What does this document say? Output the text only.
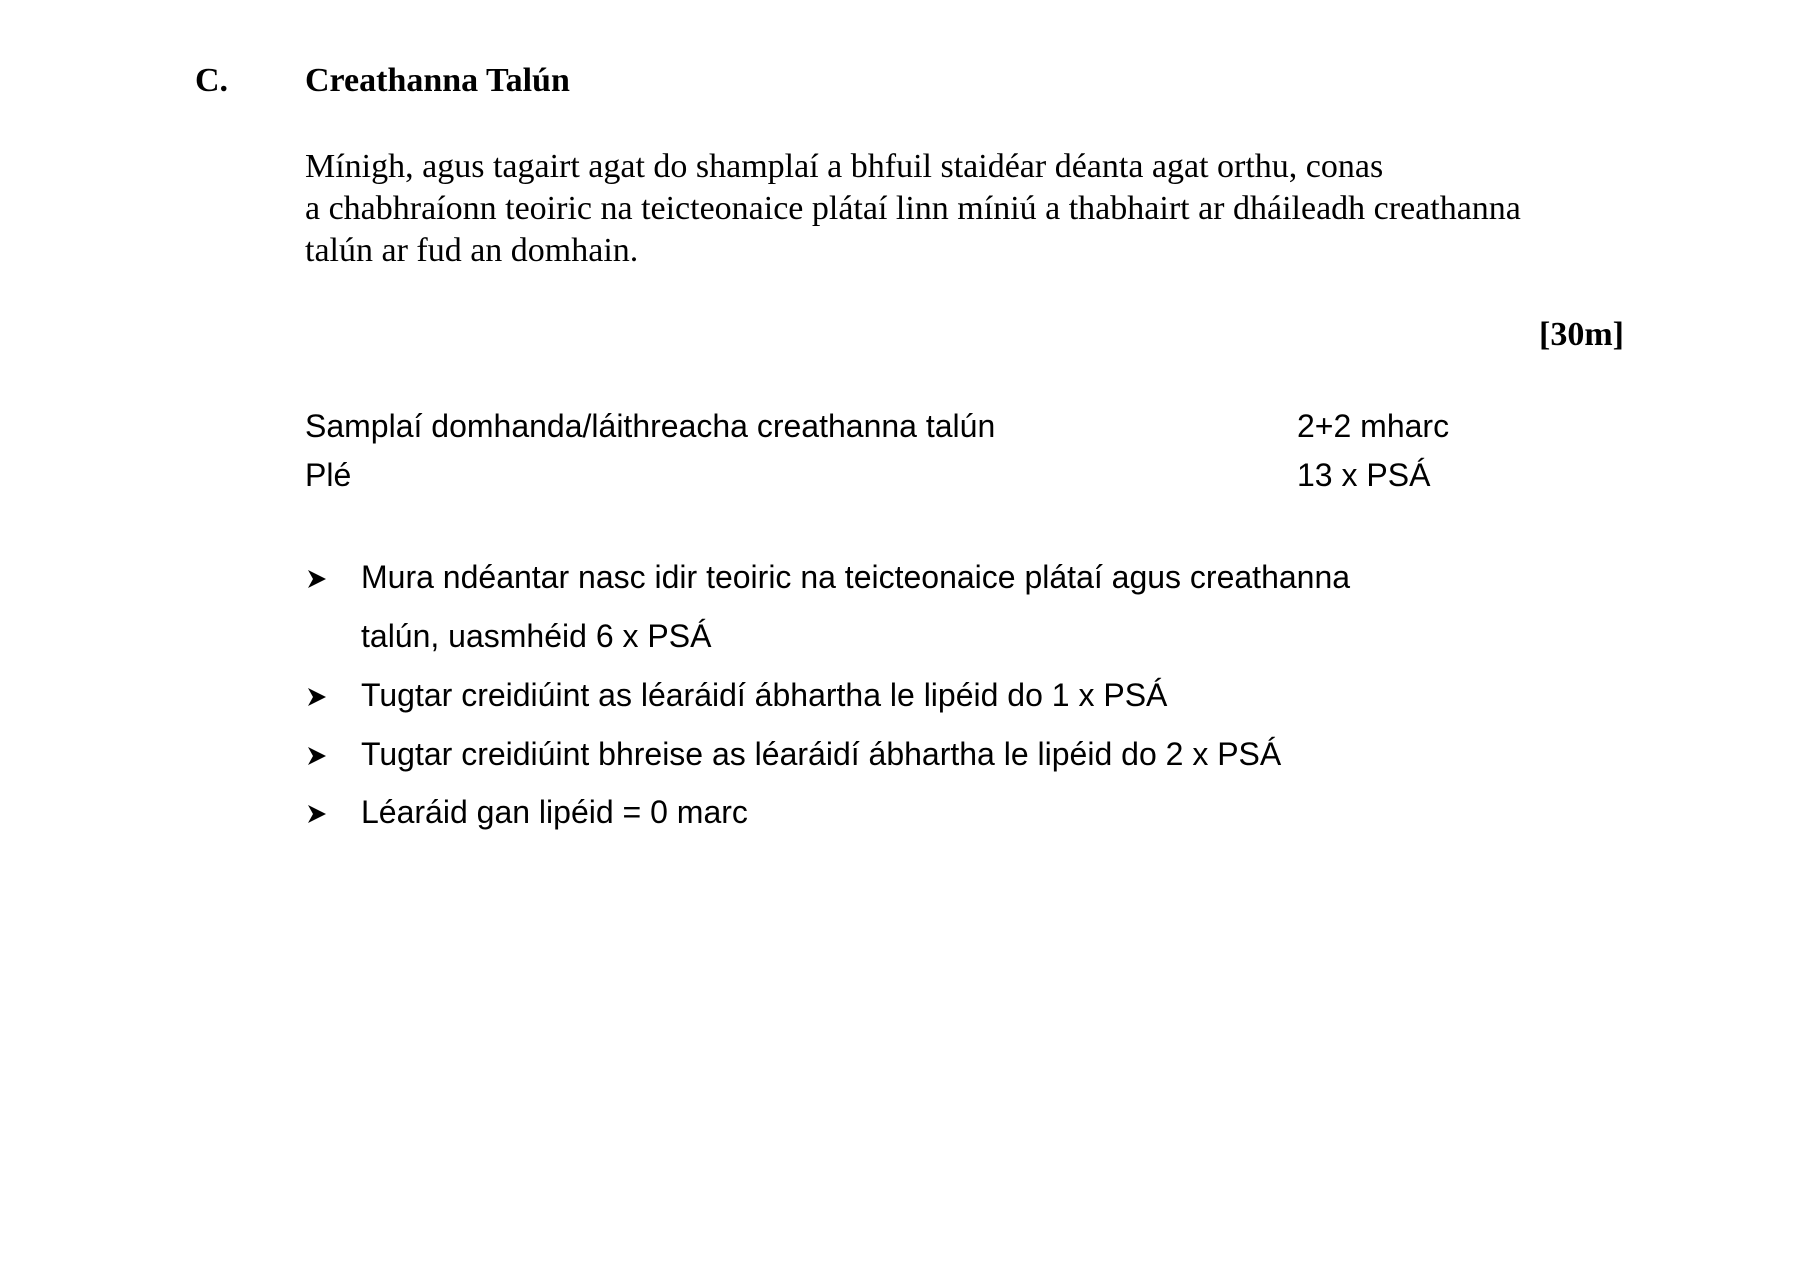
C. Creathanna Talún
Mínigh, agus tagairt agat do shamplaí a bhfuil staidéar déanta agat orthu, conas
a chabhraíonn teoiric na teicteonaice plátaí linn míniú a thabhairt ar dháileadh creathanna
talún ar fud an domhain.
[30m]
Samplaí domhanda/láithreacha creathanna talún	2+2 mharc
Plé	13 x PSÁ
Mura ndéantar nasc idir teoiric na teicteonaice plátaí agus creathanna
talún, uasmhéid 6 x PSÁ
Tugtar creidiúint as léaráidí ábhartha le lipéid do 1 x PSÁ
Tugtar creidiúint bhreise as léaráidí ábhartha le lipéid do 2 x PSÁ
Léaráid gan lipéid = 0 marc
